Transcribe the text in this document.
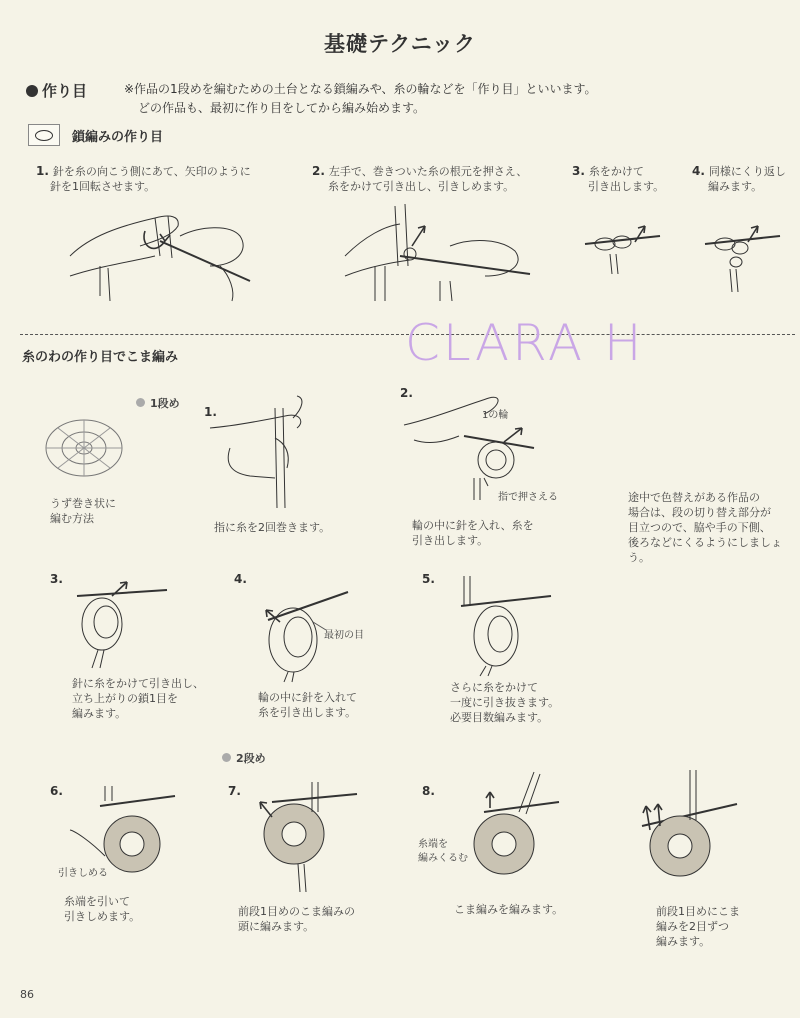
基礎テクニック
作り目	※作品の1段めを編むための土台となる鎖編みや、糸の輪などを「作り目」といいます。
どの作品も、最初に作り目をしてから編み始めます。
鎖編みの作り目
1. 針を糸の向こう側にあて、矢印のように
針を1回転させます。
2. 左手で、巻きついた糸の根元を押さえ、
糸をかけて引き出し、引きしめます。
3. 糸をかけて
引き出します。
4. 同様にくり返し
編みます。
CLARA H
糸のわの作り目でこま編み
1段め
うず巻き状に
編む方法
1.
指に糸を2回巻きます。
2.
1の輪
指で押さえる
輪の中に針を入れ、糸を
引き出します。
途中で色替えがある作品の
場合は、段の切り替え部分が
目立つので、脇や手の下側、
後ろなどにくるようにしましょう。
3.
針に糸をかけて引き出し、
立ち上がりの鎖1目を
編みます。
4.
最初の目
輪の中に針を入れて
糸を引き出します。
5.
さらに糸をかけて
一度に引き抜きます。
必要目数編みます。
2段め
6.
引きしめる
糸端を引いて
引きしめます。
7.
前段1目めのこま編みの
頭に編みます。
8.
糸端を
編みくるむ
こま編みを編みます。	前段1目めにこま
編みを2目ずつ
編みます。
86
